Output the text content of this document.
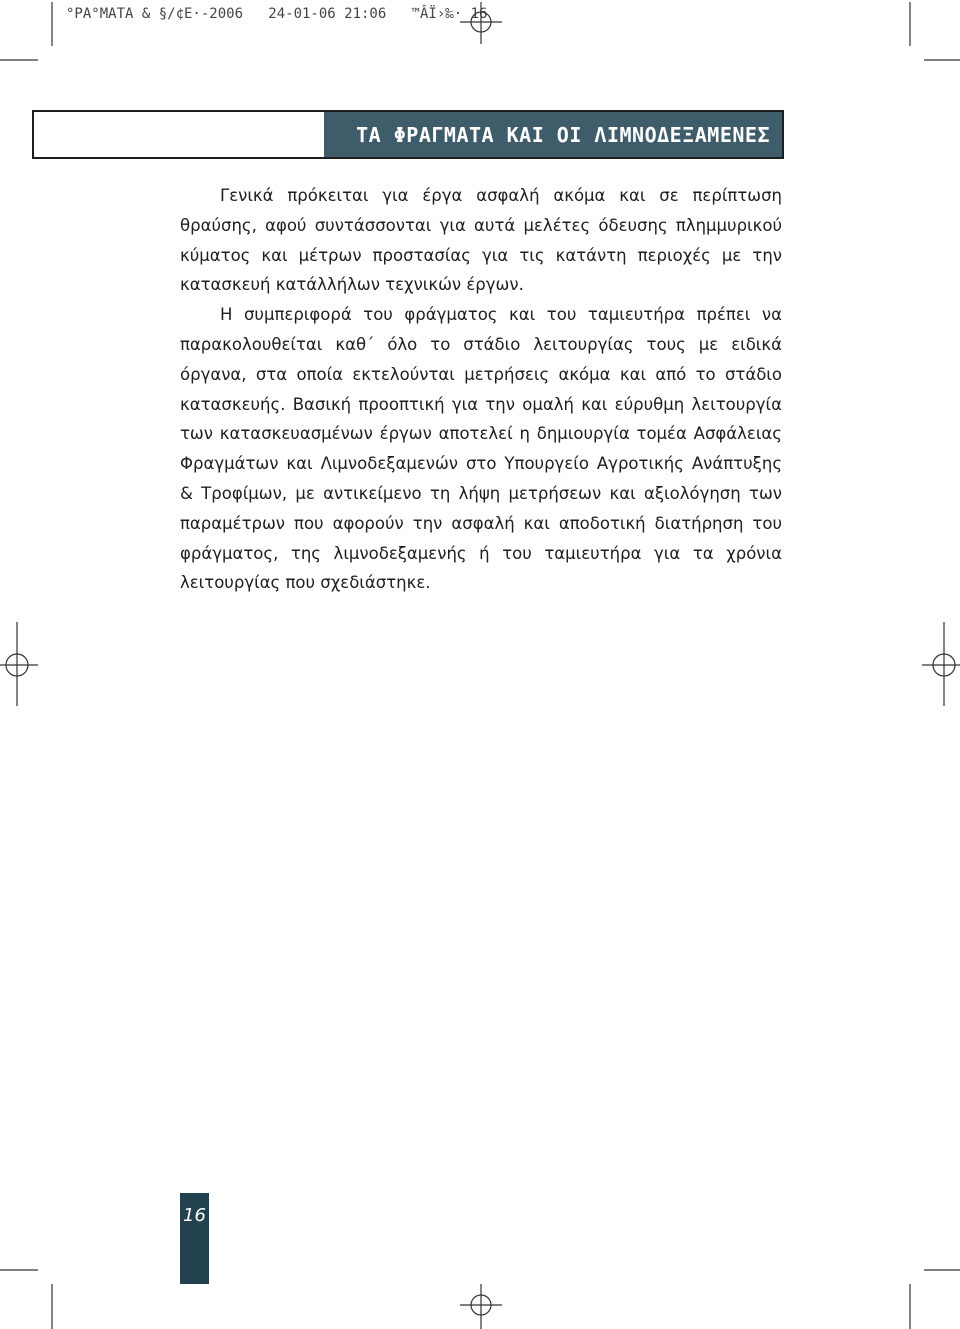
°PA°MATA & §/¢E·-2006   24-01-06 21:06   ™ÂÏ›‰· 16
ΤΑ ΦΡΑΓΜΑΤΑ ΚΑΙ ΟΙ ΛΙΜΝΟΔΕΞΑΜΕΝΕΣ

Γενικά πρόκειται για έργα ασφαλή ακόμα και σε περίπτωση θραύσης, αφού συντάσσονται για αυτά μελέτες όδευσης πλημμυρικού κύματος και μέτρων προστασίας για τις κατάντη περιοχές με την κατασκευή κατάλλήλων τεχνικών έργων.

Η συμπεριφορά του φράγματος και του ταμιευτήρα πρέπει να παρακολουθείται καθ΄ όλο το στάδιο λειτουργίας τους με ειδικά όργανα, στα οποία εκτελούνται μετρήσεις ακόμα και από το στάδιο κατασκευής. Βασική προοπτική για την ομαλή και εύρυθμη λειτουργία των κατασκευασμένων έργων αποτελεί η δημιουργία τομέα Ασφάλειας Φραγμάτων και Λιμνοδεξαμενών στο Υπουργείο Αγροτικής Ανάπτυξης & Τροφίμων, με αντικείμενο τη λήψη μετρήσεων και αξιολόγηση των παραμέτρων που αφορούν την ασφαλή και αποδοτική διατήρηση του φράγματος, της λιμνοδεξαμενής ή του ταμιευτήρα για τα χρόνια λειτουργίας που σχεδιάστηκε.

16
